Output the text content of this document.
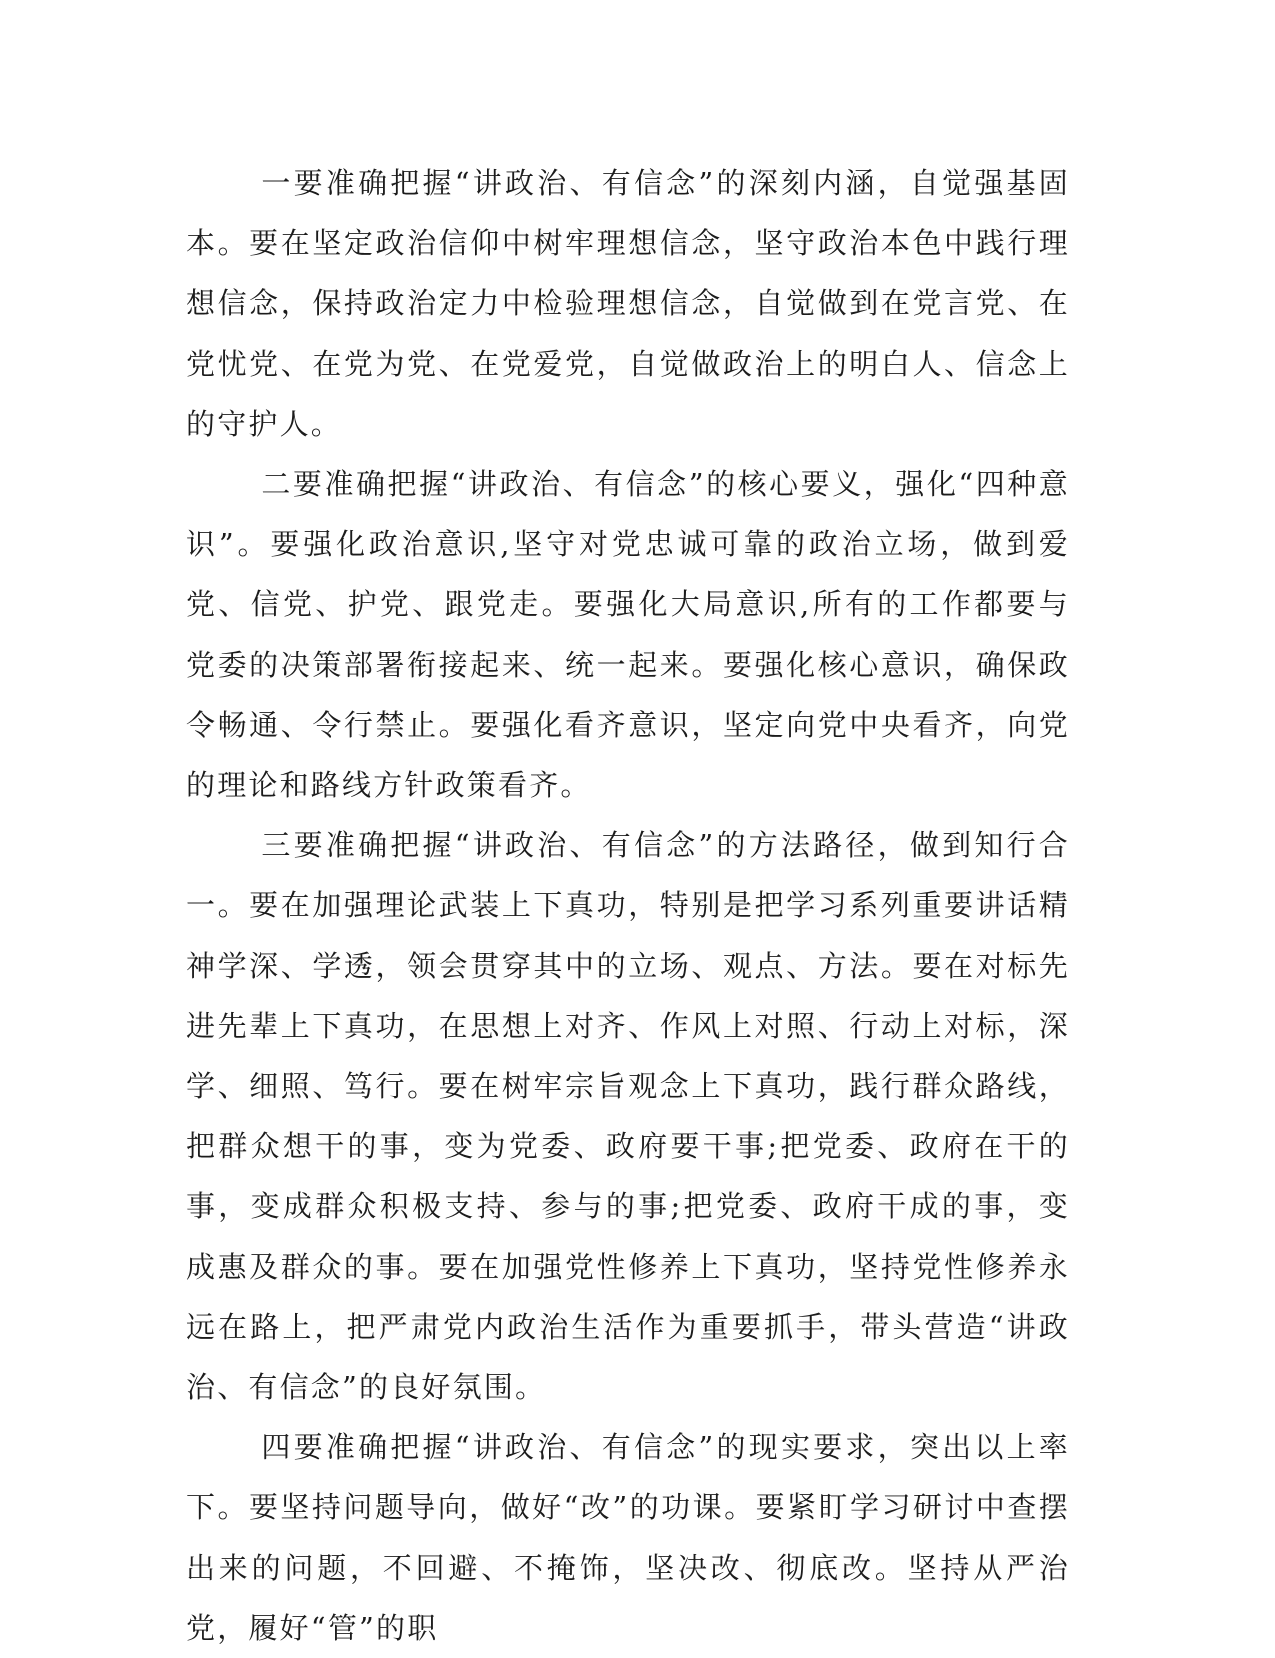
一要准确把握“讲政治、有信念”的深刻内涵，自觉强基固本。要在坚定政治信仰中树牢理想信念，坚守政治本色中践行理想信念，保持政治定力中检验理想信念，自觉做到在党言党、在党忧党、在党为党、在党爱党，自觉做政治上的明白人、信念上的守护人。

二要准确把握“讲政治、有信念”的核心要义，强化“四种意识”。要强化政治意识,坚守对党忠诚可靠的政治立场，做到爱党、信党、护党、跟党走。要强化大局意识,所有的工作都要与党委的决策部署衔接起来、统一起来。要强化核心意识，确保政令畅通、令行禁止。要强化看齐意识，坚定向党中央看齐，向党的理论和路线方针政策看齐。

三要准确把握“讲政治、有信念”的方法路径，做到知行合一。要在加强理论武装上下真功，特别是把学习系列重要讲话精神学深、学透，领会贯穿其中的立场、观点、方法。要在对标先进先辈上下真功，在思想上对齐、作风上对照、行动上对标，深学、细照、笃行。要在树牢宗旨观念上下真功，践行群众路线，把群众想干的事，变为党委、政府要干事;把党委、政府在干的事，变成群众积极支持、参与的事;把党委、政府干成的事，变成惠及群众的事。要在加强党性修养上下真功，坚持党性修养永远在路上，把严肃党内政治生活作为重要抓手，带头营造“讲政治、有信念”的良好氛围。

四要准确把握“讲政治、有信念”的现实要求，突出以上率下。要坚持问题导向，做好“改”的功课。要紧盯学习研讨中查摆出来的问题，不回避、不掩饰，坚决改、彻底改。坚持从严治党，履好“管”的职
